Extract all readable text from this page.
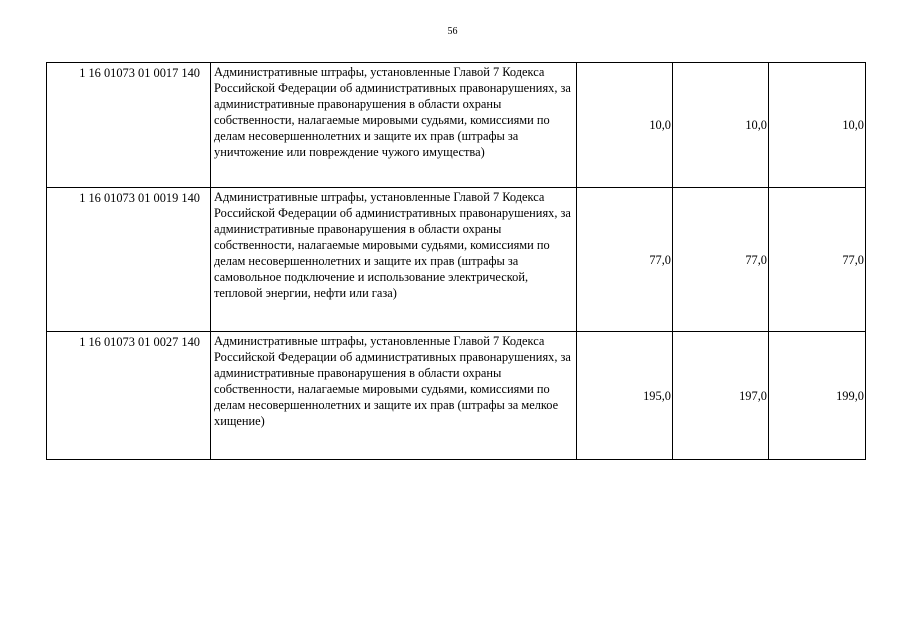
56
1 16 01073 01 0017 140	Административные штрафы, установленные Главой 7 Кодекса Российской Федерации об административных правонарушениях, за административные правонарушения в области охраны собственности, налагаемые мировыми судьями, комиссиями по делам несовершеннолетних и защите их прав (штрафы за уничтожение или повреждение чужого имущества)	10,0	10,0	10,0
1 16 01073 01 0019 140	Административные штрафы, установленные Главой 7 Кодекса Российской Федерации об административных правонарушениях, за административные правонарушения в области охраны собственности, налагаемые мировыми судьями, комиссиями по делам несовершеннолетних и защите их прав (штрафы за самовольное подключение и использование электрической, тепловой энергии, нефти или газа)	77,0	77,0	77,0
1 16 01073 01 0027 140	Административные штрафы, установленные Главой 7 Кодекса Российской Федерации об административных правонарушениях, за административные правонарушения в области охраны собственности, налагаемые мировыми судьями, комиссиями по делам несовершеннолетних и защите их прав (штрафы за мелкое хищение)	195,0	197,0	199,0
